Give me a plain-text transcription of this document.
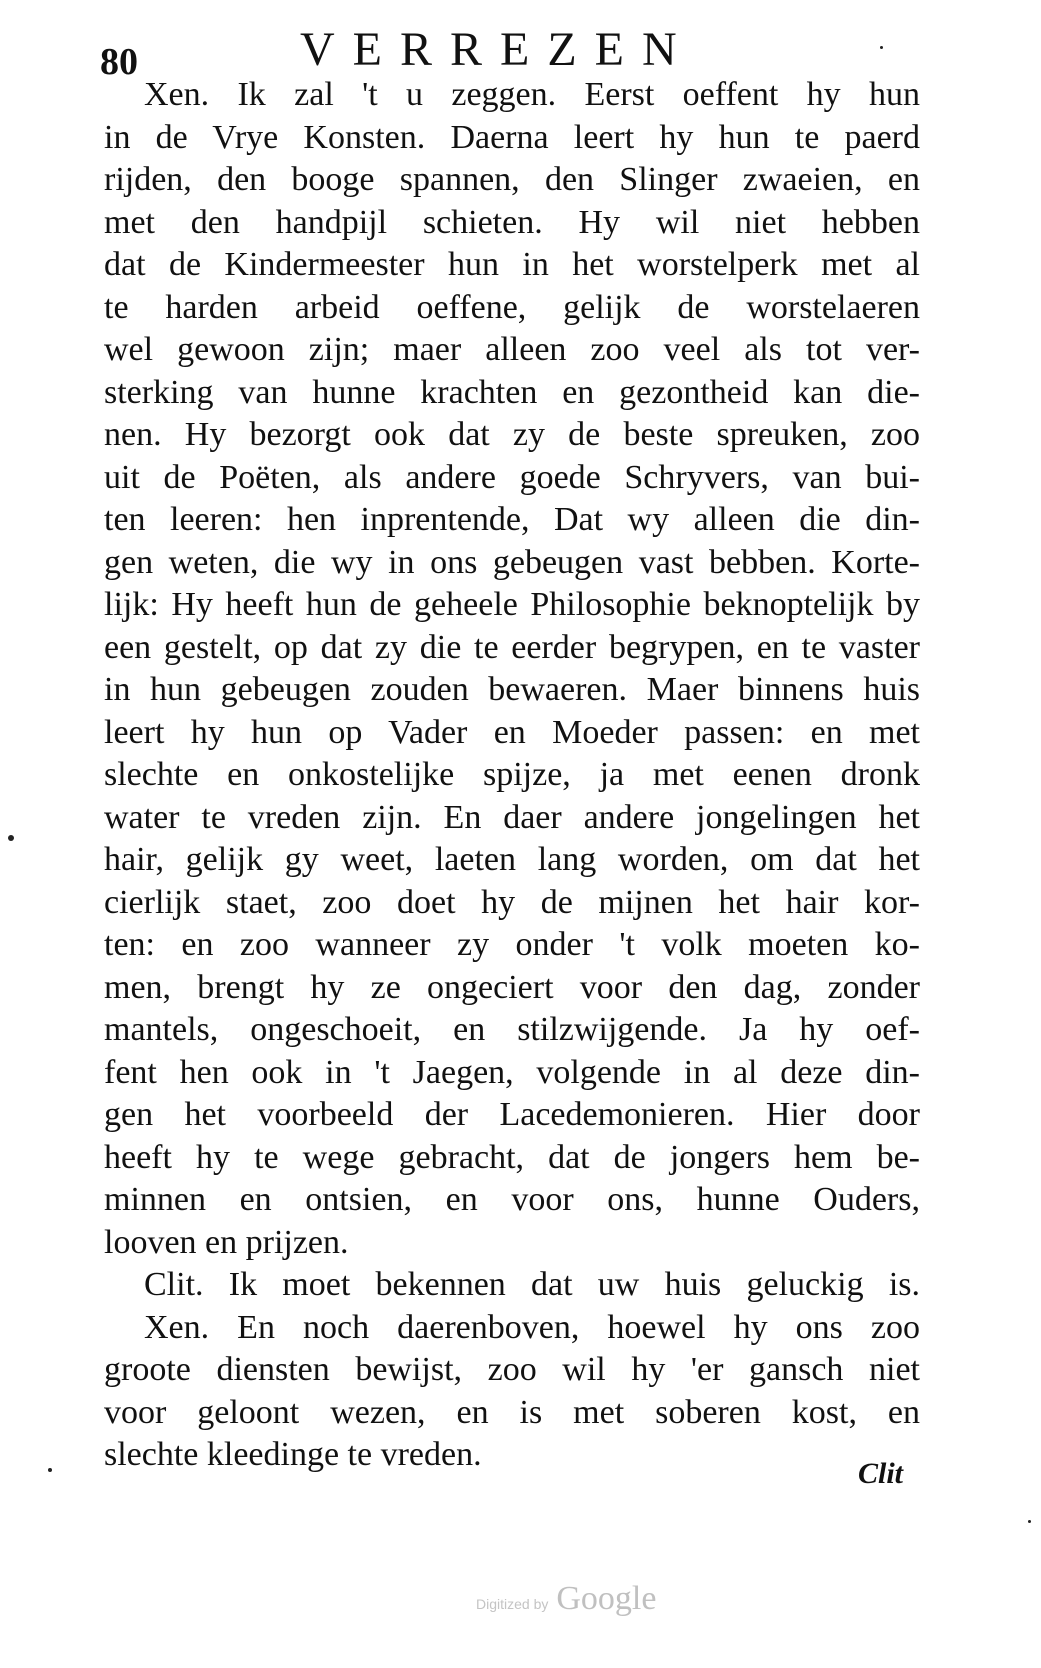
80	VERREZEN
Xen. Ik zal 't u zeggen. Eerst oeffent hy hun
in de Vrye Konsten. Daerna leert hy hun te paerd
rijden, den booge spannen, den Slinger zwaeien, en
met den handpijl schieten. Hy wil niet hebben
dat de Kindermeester hun in het worstelperk met al
te harden arbeid oeffene, gelijk de worstelaeren
wel gewoon zijn; maer alleen zoo veel als tot ver-
sterking van hunne krachten en gezontheid kan die-
nen. Hy bezorgt ook dat zy de beste spreuken, zoo
uit de Poëten, als andere goede Schryvers, van bui-
ten leeren: hen inprentende, Dat wy alleen die din-
gen weten, die wy in ons gebeugen vast bebben. Korte-
lijk: Hy heeft hun de geheele Philosophie beknoptelijk by
een gestelt, op dat zy die te eerder begrypen, en te vaster
in hun gebeugen zouden bewaeren. Maer binnens huis
leert hy hun op Vader en Moeder passen: en met
slechte en onkostelijke spijze, ja met eenen dronk
water te vreden zijn. En daer andere jongelingen het
hair, gelijk gy weet, laeten lang worden, om dat het
cierlijk staet, zoo doet hy de mijnen het hair kor-
ten: en zoo wanneer zy onder 't volk moeten ko-
men, brengt hy ze ongeciert voor den dag, zonder
mantels, ongeschoeit, en stilzwijgende. Ja hy oef-
fent hen ook in 't Jaegen, volgende in al deze din-
gen het voorbeeld der Lacedemonieren. Hier door
heeft hy te wege gebracht, dat de jongers hem be-
minnen en ontsien, en voor ons, hunne Ouders,
looven en prijzen.
Clit. Ik moet bekennen dat uw huis geluckig is.
Xen. En noch daerenboven, hoewel hy ons zoo
groote diensten bewijst, zoo wil hy 'er gansch niet
voor geloont wezen, en is met soberen kost, en
slechte kleedinge te vreden.
Clit
Digitized by Google
